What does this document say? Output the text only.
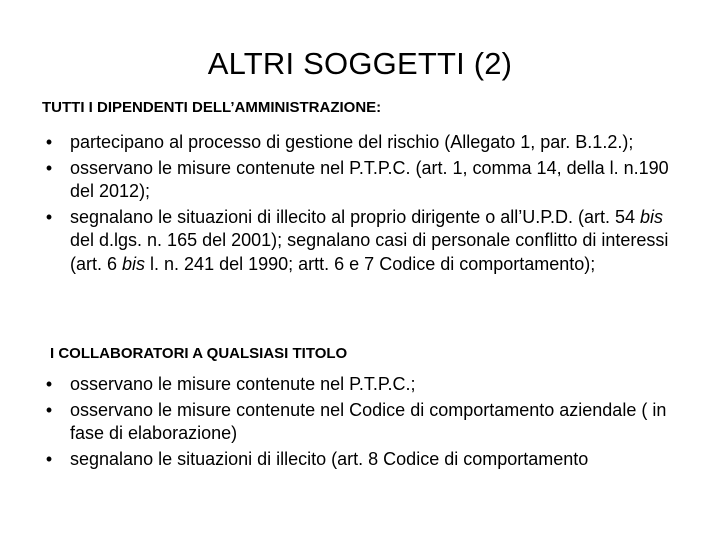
ALTRI SOGGETTI (2)

TUTTI I DIPENDENTI DELL’AMMINISTRAZIONE:

• partecipano al processo di gestione del rischio (Allegato 1, par. B.1.2.);
• osservano le misure contenute nel P.T.P.C. (art. 1, comma 14, della l. n.190 del 2012);
• segnalano le situazioni di illecito al proprio dirigente o all’U.P.D. (art. 54 bis del d.lgs. n. 165 del 2001); segnalano casi di personale conflitto di interessi (art. 6 bis l. n. 241 del 1990; artt. 6 e 7 Codice di comportamento);

I COLLABORATORI A QUALSIASI TITOLO

• osservano le misure contenute nel P.T.P.C.;
• osservano le misure contenute nel Codice di comportamento aziendale ( in fase di elaborazione)
• segnalano le situazioni di illecito (art. 8 Codice di comportamento
